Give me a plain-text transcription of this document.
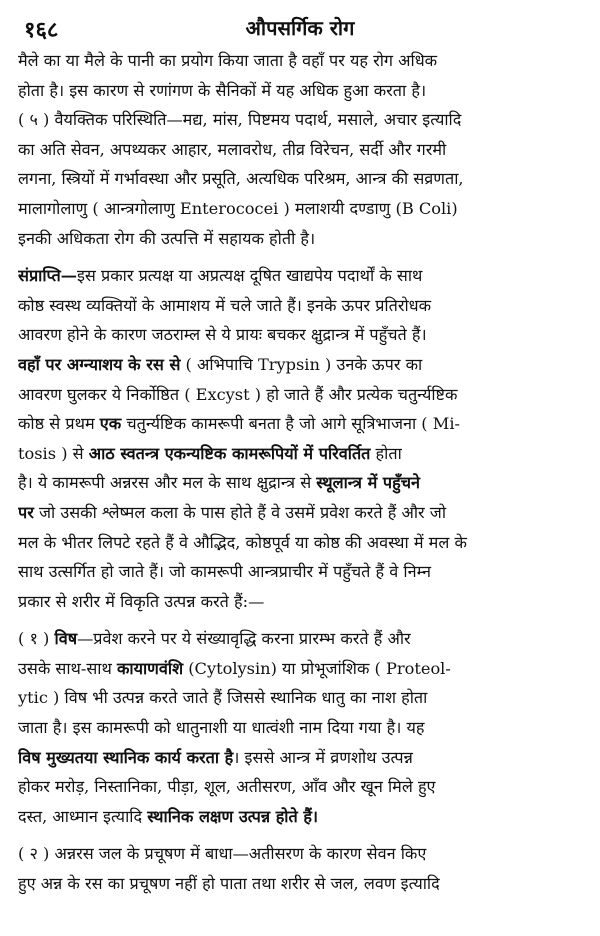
१६८	औपसर्गिक रोग
मैले का या मैले के पानी का प्रयोग किया जाता है वहाँ पर यह रोग अधिक
होता है। इस कारण से रणांगण के सैनिकों में यह अधिक हुआ करता है।
( ५ ) वैयक्तिक परिस्थिति—मद्य, मांस, पिष्टमय पदार्थ, मसाले, अचार इत्यादि
का अति सेवन, अपथ्यकर आहार, मलावरोध, तीव्र विरेचन, सर्दी और गरमी
लगना, स्त्रियों में गर्भावस्था और प्रसूति, अत्यधिक परिश्रम, आन्त्र की सव्रणता,
मालागोलाणु ( आन्त्रगोलाणु Enterococei ) मलाशयी दण्डाणु (B Coli)
इनकी अधिकता रोग की उत्पत्ति में सहायक होती है।
संप्राप्ति—इस प्रकार प्रत्यक्ष या अप्रत्यक्ष दूषित खाद्यपेय पदार्थों के साथ
कोष्ठ स्वस्थ व्यक्तियों के आमाशय में चले जाते हैं। इनके ऊपर प्रतिरोधक
आवरण होने के कारण जठराम्ल से ये प्रायः बचकर क्षुद्रान्त्र में पहुँचते हैं।
वहाँ पर अग्न्याशय के रस से ( अभिपाचि Trypsin ) उनके ऊपर का
आवरण घुलकर ये निर्कोष्ठित ( Excyst ) हो जाते हैं और प्रत्येक चतुर्न्यष्टिक
कोष्ठ से प्रथम एक चतुर्न्यष्टिक कामरूपी बनता है जो आगे सूत्रिभाजना ( Mi-
tosis ) से आठ स्वतन्त्र एकन्यष्टिक कामरूपियों में परिवर्तित होता
है। ये कामरूपी अन्नरस और मल के साथ क्षुद्रान्त्र से स्थूलान्त्र में पहुँचने
पर जो उसकी श्लेष्मल कला के पास होते हैं वे उसमें प्रवेश करते हैं और जो
मल के भीतर लिपटे रहते हैं वे औद्भिद, कोष्ठपूर्व या कोष्ठ की अवस्था में मल के
साथ उत्सर्गित हो जाते हैं। जो कामरूपी आन्त्रप्राचीर में पहुँचते हैं वे निम्न
प्रकार से शरीर में विकृति उत्पन्न करते हैं:—
( १ ) विष—प्रवेश करने पर ये संख्यावृद्धि करना प्रारम्भ करते हैं और
उसके साथ-साथ कायाणवंशि (Cytolysin) या प्रोभूजांशिक ( Proteol-
ytic ) विष भी उत्पन्न करते जाते हैं जिससे स्थानिक धातु का नाश होता
जाता है। इस कामरूपी को धातुनाशी या धात्वंशी नाम दिया गया है। यह
विष मुख्यतया स्थानिक कार्य करता है। इससे आन्त्र में व्रणशोथ उत्पन्न
होकर मरोड़, निस्तानिका, पीड़ा, शूल, अतीसरण, आँव और खून मिले हुए
दस्त, आध्मान इत्यादि स्थानिक लक्षण उत्पन्न होते हैं।
( २ ) अन्नरस जल के प्रचूषण में बाधा—अतीसरण के कारण सेवन किए
हुए अन्न के रस का प्रचूषण नहीं हो पाता तथा शरीर से जल, लवण इत्यादि
